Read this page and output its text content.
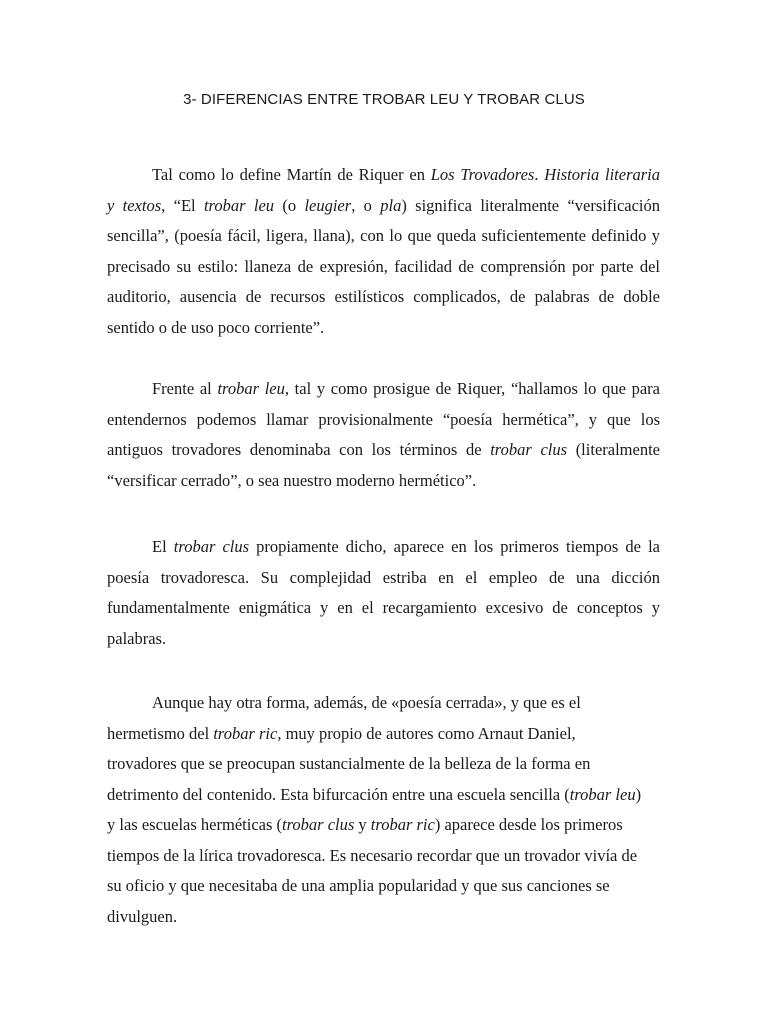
3- DIFERENCIAS ENTRE TROBAR LEU Y TROBAR CLUS
Tal como lo define Martín de Riquer en Los Trovadores. Historia literaria
y textos, “El trobar leu (o leugier, o pla) significa literalmente “versificación
sencilla”, (poesía fácil, ligera, llana), con lo que queda suficientemente definido y
precisado su estilo: llaneza de expresión, facilidad de comprensión por parte del
auditorio, ausencia de recursos estilísticos complicados, de palabras de doble
sentido o de uso poco corriente”.
Frente al trobar leu, tal y como prosigue de Riquer, “hallamos lo que para
entendernos podemos llamar provisionalmente “poesía hermética”, y que los
antiguos trovadores denominaba con los términos de trobar clus (literalmente
“versificar cerrado”, o sea nuestro moderno hermético”.
El trobar clus propiamente dicho, aparece en los primeros tiempos de la
poesía trovadoresca. Su complejidad estriba en el empleo de una dicción
fundamentalmente enigmática y en el recargamiento excesivo de conceptos y
palabras.
Aunque hay otra forma, además, de «poesía cerrada», y que es el
hermetismo del trobar ric, muy propio de autores como Arnaut Daniel,
trovadores que se preocupan sustancialmente de la belleza de la forma en
detrimento del contenido. Esta bifurcación entre una escuela sencilla (trobar leu)
y las escuelas herméticas (trobar clus y trobar ric) aparece desde los primeros
tiempos de la lírica trovadoresca. Es necesario recordar que un trovador vivía de
su oficio y que necesitaba de una amplia popularidad y que sus canciones se
divulguen.
